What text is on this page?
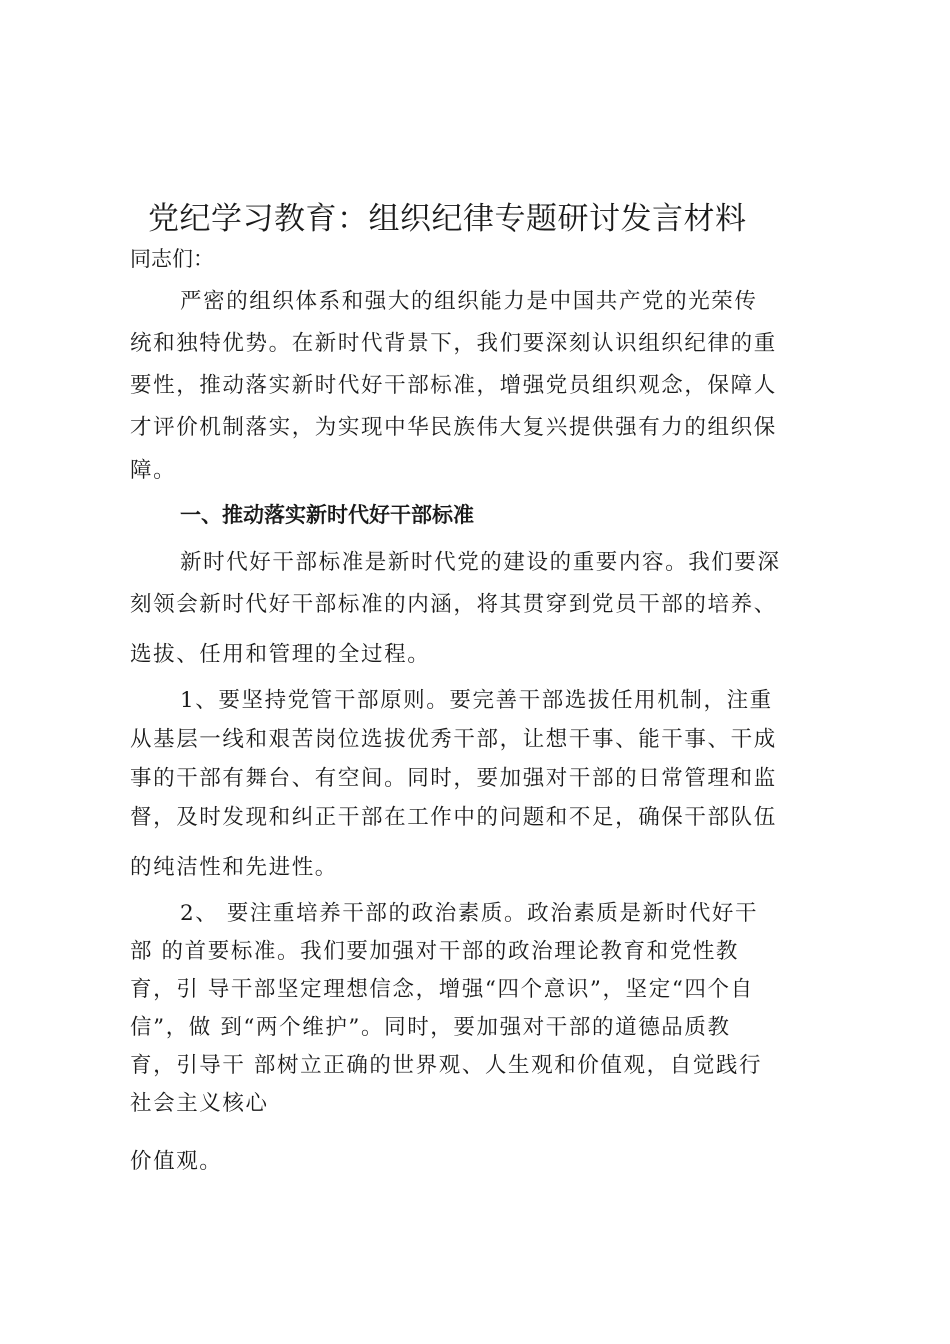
党纪学习教育：组织纪律专题研讨发言材料

同志们：

严密的组织体系和强大的组织能力是中国共产党的光荣传

统和独特优势。在新时代背景下，我们要深刻认识组织纪律的重

要性，推动落实新时代好干部标准，增强党员组织观念，保障人

才评价机制落实，为实现中华民族伟大复兴提供强有力的组织保

障。

一、推动落实新时代好干部标准

新时代好干部标准是新时代党的建设的重要内容。我们要深

刻领会新时代好干部标准的内涵，将其贯穿到党员干部的培养、

选拔、任用和管理的全过程。

1、要坚持党管干部原则。要完善干部选拔任用机制，注重

从基层一线和艰苦岗位选拔优秀干部，让想干事、能干事、干成

事的干部有舞台、有空间。同时，要加强对干部的日常管理和监

督，及时发现和纠正干部在工作中的问题和不足，确保干部队伍

的纯洁性和先进性。

2、 要注重培养干部的政治素质。政治素质是新时代好干

部 的首要标准。我们要加强对干部的政治理论教育和党性教

育，引 导干部坚定理想信念，增强“四个意识”，坚定“四个自

信”，做 到“两个维护”。同时，要加强对干部的道德品质教

育，引导干 部树立正确的世界观、人生观和价值观，自觉践行

社会主义核心

价值观。
